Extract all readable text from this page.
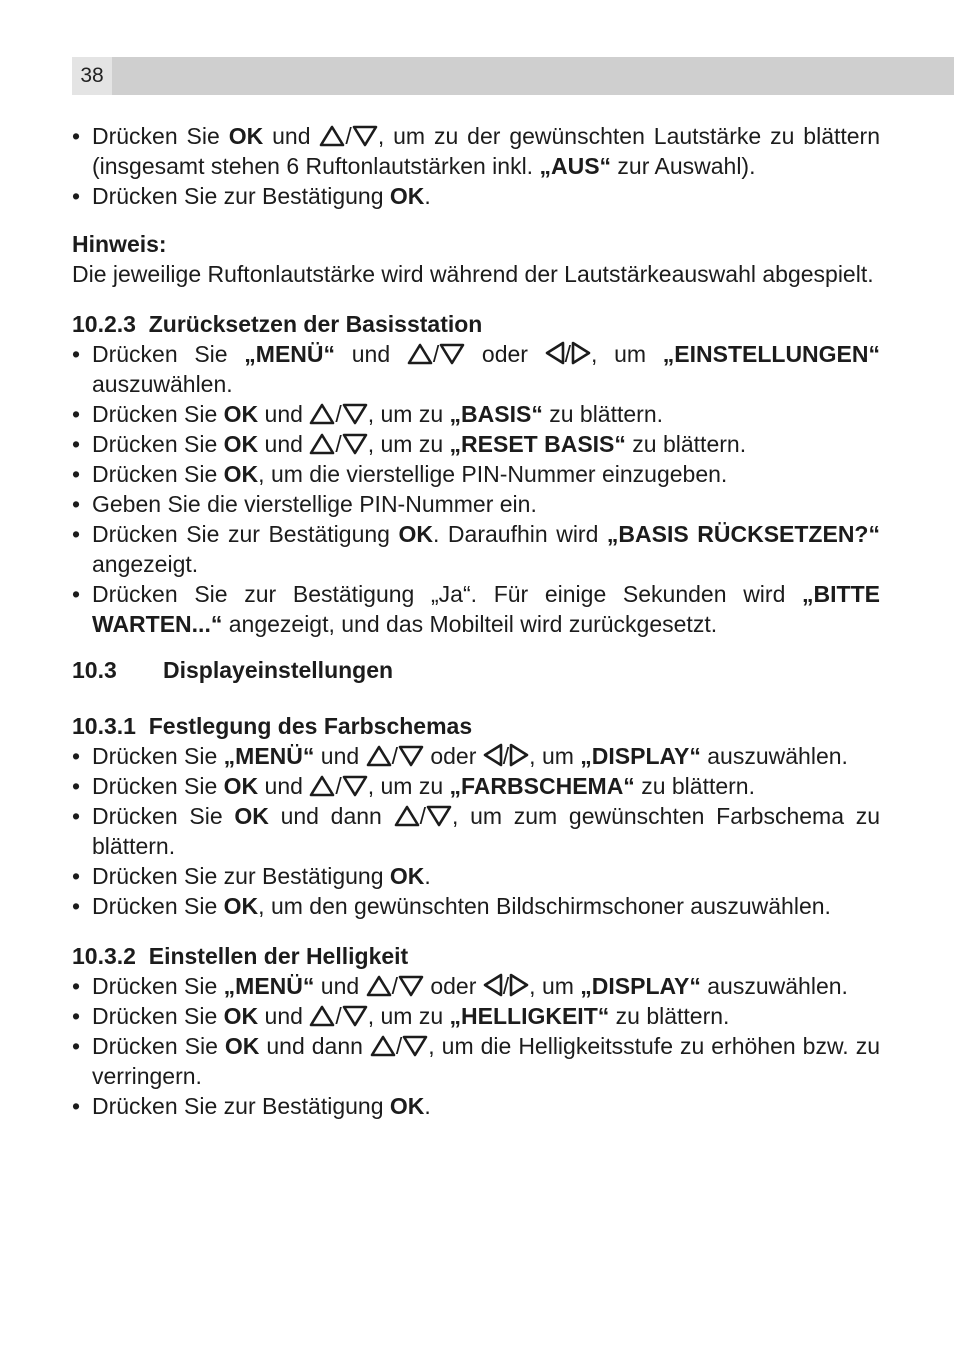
38
• Drücken Sie OK und / , um zu der gewünschten Lautstärke zu blättern (insgesamt stehen 6 Ruftonlautstärken inkl. „AUS“ zur Auswahl).
• Drücken Sie zur Bestätigung OK.
Hinweis:
Die jeweilige Ruftonlautstärke wird während der Lautstärkeauswahl abgespielt.
10.2.3 Zurücksetzen der Basisstation
• Drücken Sie „MENÜ“ und / oder / , um „EINSTELLUNGEN“ auszuwählen.
• Drücken Sie OK und / , um zu „BASIS“ zu blättern.
• Drücken Sie OK und / , um zu „RESET BASIS“ zu blättern.
• Drücken Sie OK, um die vierstellige PIN-Nummer einzugeben.
• Geben Sie die vierstellige PIN-Nummer ein.
• Drücken Sie zur Bestätigung OK. Daraufhin wird „BASIS RÜCKSETZEN?“ angezeigt.
• Drücken Sie zur Bestätigung „Ja“. Für einige Sekunden wird „BITTE WARTEN...“ angezeigt, und das Mobilteil wird zurückgesetzt.
10.3 Displayeinstellungen
10.3.1 Festlegung des Farbschemas
• Drücken Sie „MENÜ“ und / oder / , um „DISPLAY“ auszuwählen.
• Drücken Sie OK und / , um zu „FARBSCHEMA“ zu blättern.
• Drücken Sie OK und dann / , um zum gewünschten Farbschema zu blättern.
• Drücken Sie zur Bestätigung OK.
• Drücken Sie OK, um den gewünschten Bildschirmschoner auszuwählen.
10.3.2 Einstellen der Helligkeit
• Drücken Sie „MENÜ“ und / oder / , um „DISPLAY“ auszuwählen.
• Drücken Sie OK und / , um zu „HELLIGKEIT“ zu blättern.
• Drücken Sie OK und dann / , um die Helligkeitsstufe zu erhöhen bzw. zu verringern.
• Drücken Sie zur Bestätigung OK.
